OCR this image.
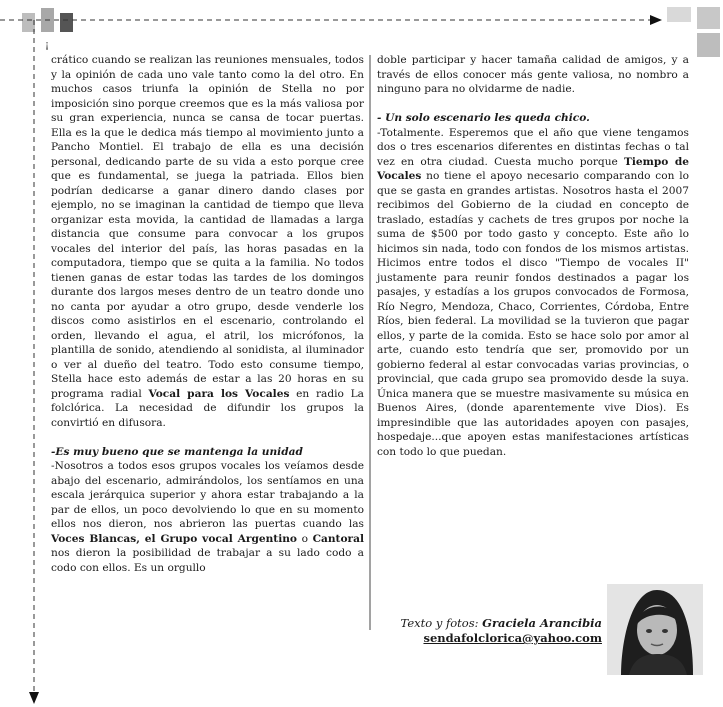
¡

crático cuando se realizan las reuniones mensuales, todos y la opinión de cada uno vale tanto como la del otro. En muchos casos triunfa la opinión de Stella no por imposición sino porque creemos que es la más valiosa por su gran experiencia, nunca se cansa de tocar puertas. Ella es la que le dedica más tiempo al movimiento junto a Pancho Montiel. El trabajo de ella es una decisión personal, dedicando parte de su vida a esto porque cree que es fundamental, se juega la patriada. Ellos bien podrían dedicarse a ganar dinero dando clases por ejemplo, no se imaginan la cantidad de tiempo que lleva organizar esta movida, la cantidad de llamadas a larga distancia que consume para convocar a los grupos vocales del interior del país, las horas pasadas en la computadora, tiempo que se quita a la familia. No todos tienen ganas de estar todas las tardes de los domingos durante dos largos meses dentro de un teatro donde uno no canta por ayudar a otro grupo, desde venderle los discos como asistirlos en el escenario, controlando el orden, llevando el agua, el atril, los micrófonos, la plantilla de sonido, atendiendo al sonidista, al iluminador o ver al dueño del teatro. Todo esto consume tiempo, Stella hace esto además de estar a las 20 horas en su programa radial Vocal para los Vocales en radio La folclórica. La necesidad de difundir los grupos la convirtió en difusora.

-Es muy bueno que se mantenga la unidad

-Nosotros a todos esos grupos vocales los veíamos desde abajo del escenario, admirándolos, los sentíamos en una escala jerárquica superior y ahora estar trabajando a la par de ellos, un poco devolviendo lo que en su momento ellos nos dieron, nos abrieron las puertas cuando las Voces Blancas, el Grupo vocal Argentino o Cantoral nos dieron la posibilidad de trabajar a su lado codo a codo con ellos. Es un orgullo

doble participar y hacer tamaña calidad de amigos, y a través de ellos conocer más gente valiosa, no nombro a ninguno para no olvidarme de nadie.

- Un solo escenario les queda chico.

-Totalmente. Esperemos que el año que viene tengamos dos o tres escenarios diferentes en distintas fechas o tal vez en otra ciudad. Cuesta mucho porque Tiempo de Vocales no tiene el apoyo necesario comparando con lo que se gasta en grandes artistas. Nosotros hasta el 2007 recibimos del Gobierno de la ciudad en concepto de traslado, estadías y cachets de tres grupos por noche la suma de $500 por todo gasto y concepto. Este año lo hicimos sin nada, todo con fondos de los mismos artistas. Hicimos entre todos el disco "Tiempo de vocales II" justamente para reunir fondos destinados a pagar los pasajes, y estadías a los grupos convocados de Formosa, Río Negro, Mendoza, Chaco, Corrientes, Córdoba, Entre Ríos, bien federal. La movilidad se la tuvieron que pagar ellos, y parte de la comida. Esto se hace solo por amor al arte, cuando esto tendría que ser, promovido por un gobierno federal al estar convocadas varias provincias, o provincial, que cada grupo sea promovido desde la suya. Única manera que se muestre masivamente su música en Buenos Aires, (donde aparentemente vive Dios). Es impresindible que las autoridades apoyen con pasajes, hospedaje...que apoyen estas manifestaciones artísticas con todo lo que puedan.

Texto y fotos: Graciela Arancibia
sendafolclorica@yahoo.com
